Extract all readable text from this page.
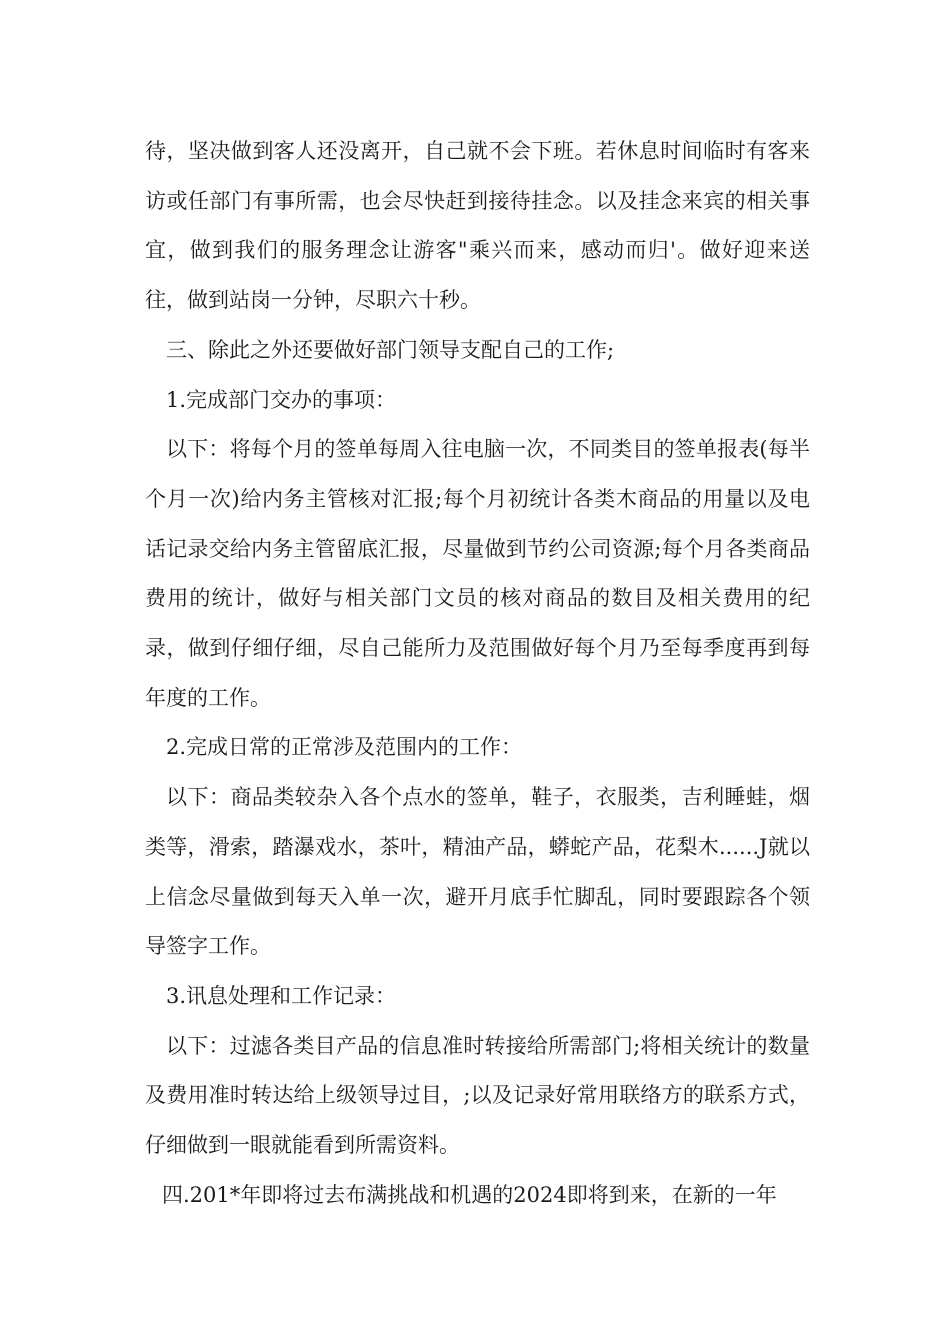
待，坚决做到客人还没离开，自己就不会下班。若休息时间临时有客来访或任部门有事所需，也会尽快赶到接待挂念。以及挂念来宾的相关事宜，做到我们的服务理念让游客"乘兴而来，感动而归'。做好迎来送往，做到站岗一分钟，尽职六十秒。

三、除此之外还要做好部门领导支配自己的工作;

1.完成部门交办的事项：

以下：将每个月的签单每周入往电脑一次，不同类目的签单报表(每半个月一次)给内务主管核对汇报;每个月初统计各类木商品的用量以及电话记录交给内务主管留底汇报，尽量做到节约公司资源;每个月各类商品费用的统计，做好与相关部门文员的核对商品的数目及相关费用的纪录，做到仔细仔细，尽自己能所力及范围做好每个月乃至每季度再到每年度的工作。

2.完成日常的正常涉及范围内的工作：

以下：商品类较杂入各个点水的签单，鞋子，衣服类，吉利睡蛙，烟类等，滑索，踏瀑戏水，茶叶，精油产品，蟒蛇产品，花梨木......J就以上信念尽量做到每天入单一次，避开月底手忙脚乱，同时要跟踪各个领导签字工作。

3.讯息处理和工作记录：

以下：过滤各类目产品的信息准时转接给所需部门;将相关统计的数量及费用准时转达给上级领导过目，;以及记录好常用联络方的联系方式，仔细做到一眼就能看到所需资料。

四.201*年即将过去布满挑战和机遇的2024即将到来，在新的一年
